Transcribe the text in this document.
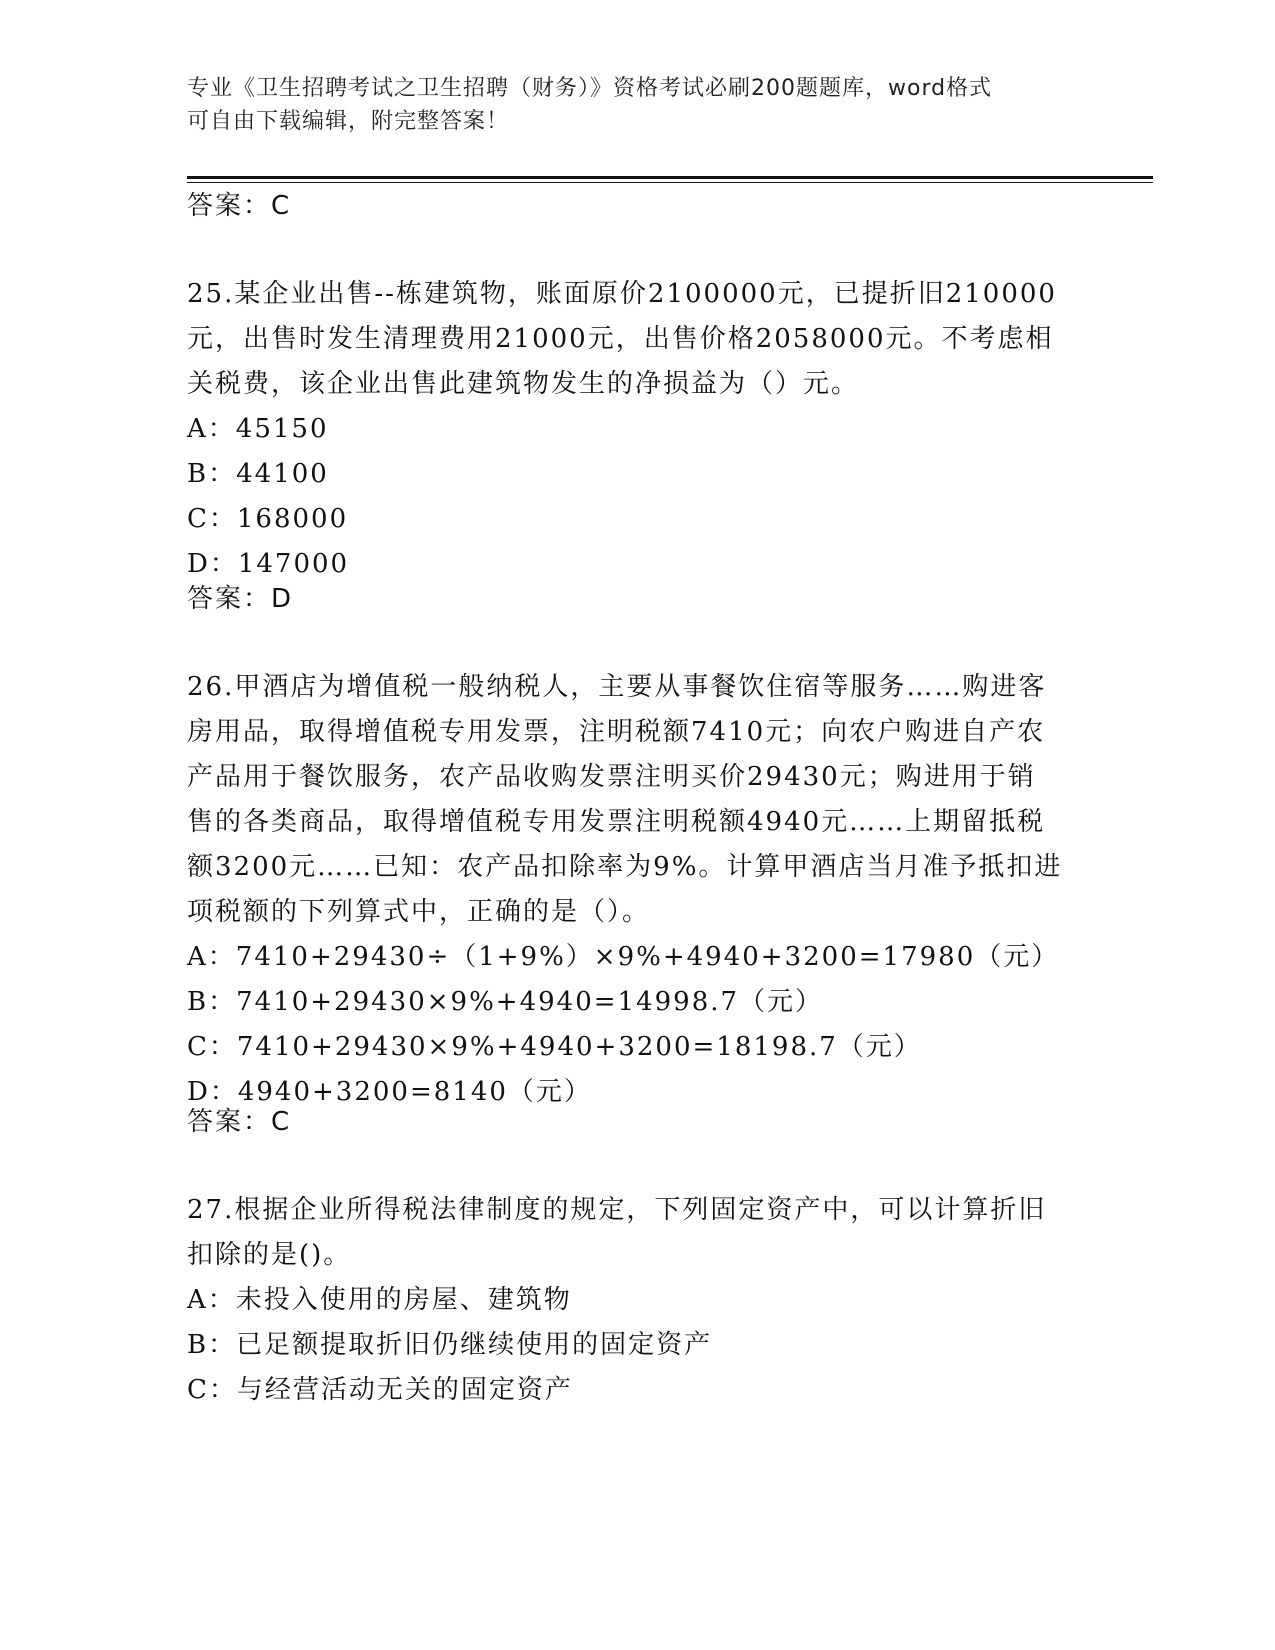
专业《卫生招聘考试之卫生招聘（财务）》资格考试必刷200题题库，word格式
可自由下载编辑，附完整答案！
答案：C
25.某企业出售--栋建筑物，账面原价2100000元，已提折旧210000
元，出售时发生清理费用21000元，出售价格2058000元。不考虑相
关税费，该企业出售此建筑物发生的净损益为（）元。
A：45150
B：44100
C：168000
D：147000
答案：D
26.甲酒店为增值税一般纳税人，主要从事餐饮住宿等服务……购进客
房用品，取得增值税专用发票，注明税额7410元；向农户购进自产农
产品用于餐饮服务，农产品收购发票注明买价29430元；购进用于销
售的各类商品，取得增值税专用发票注明税额4940元……上期留抵税
额3200元……已知：农产品扣除率为9%。计算甲酒店当月准予抵扣进
项税额的下列算式中，正确的是（）。
A：7410+29430÷（1+9%）×9%+4940+3200=17980（元）
B：7410+29430×9%+4940=14998.7（元）
C：7410+29430×9%+4940+3200=18198.7（元）
D：4940+3200=8140（元）
答案：C
27.根据企业所得税法律制度的规定，下列固定资产中，可以计算折旧
扣除的是()。
A：未投入使用的房屋、建筑物
B：已足额提取折旧仍继续使用的固定资产
C：与经营活动无关的固定资产
